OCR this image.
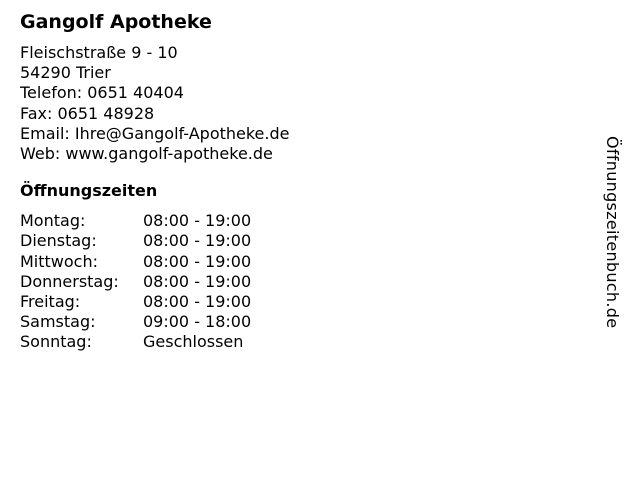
Gangolf Apotheke
Fleischstraße 9 - 10
54290 Trier
Telefon: 0651 40404
Fax: 0651 48928
Email: Ihre@Gangolf-Apotheke.de
Web: www.gangolf-apotheke.de
Öffnungszeiten
Montag:	08:00 - 19:00
Dienstag:	08:00 - 19:00
Mittwoch:	08:00 - 19:00
Donnerstag:	08:00 - 19:00
Freitag:	08:00 - 19:00
Samstag:	09:00 - 18:00
Sonntag:	Geschlossen
Öffnungszeitenbuch.de
